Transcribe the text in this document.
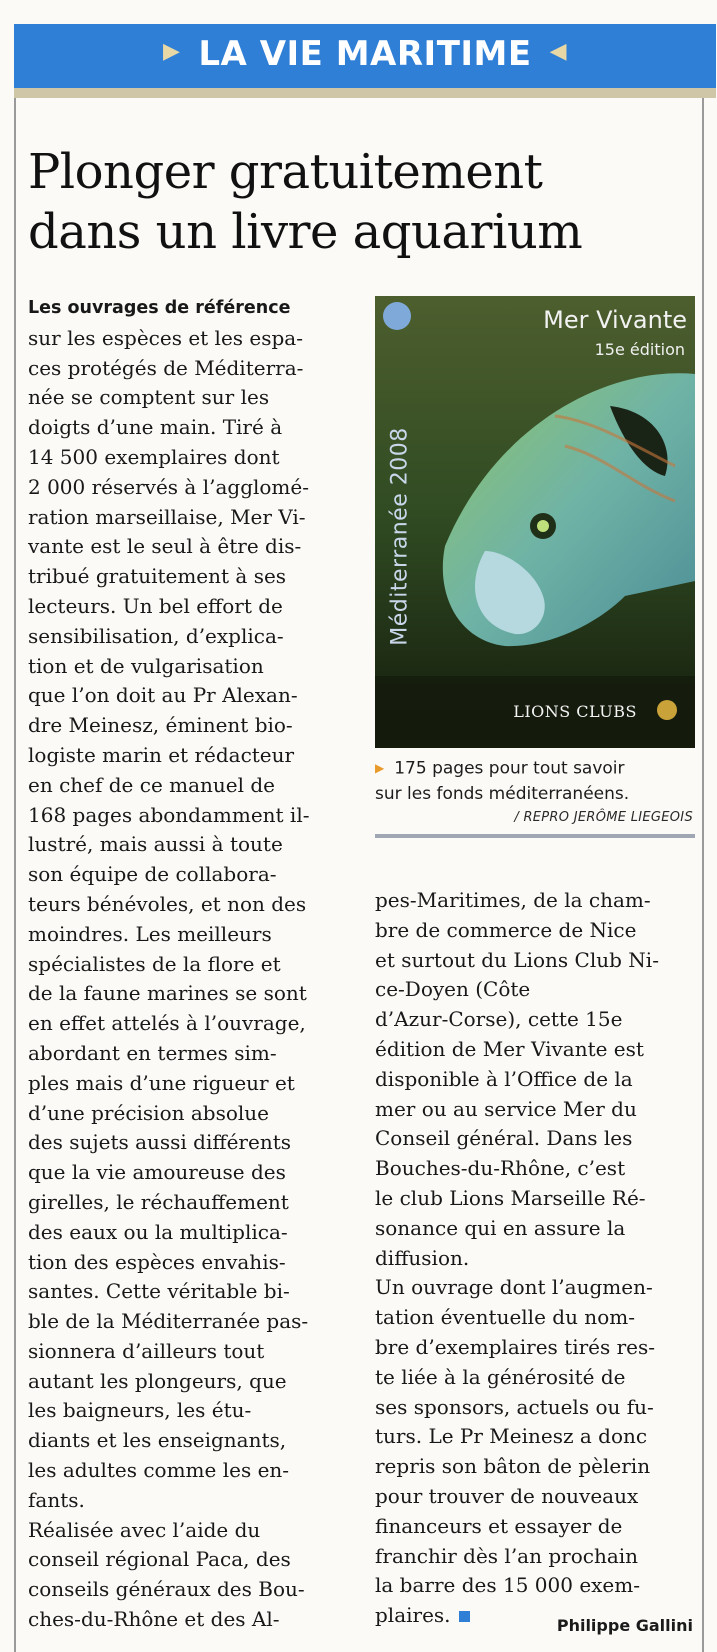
▶ LA VIE MARITIME ◀
Plonger gratuitement
dans un livre aquarium
Les ouvrages de référence
sur les espèces et les espa-
ces protégés de Méditerra-
née se comptent sur les
doigts d’une main. Tiré à
14 500 exemplaires dont
2 000 réservés à l’agglomé-
ration marseillaise, Mer Vi-
vante est le seul à être dis-
tribué gratuitement à ses
lecteurs. Un bel effort de
sensibilisation, d’explica-
tion et de vulgarisation
que l’on doit au Pr Alexan-
dre Meinesz, éminent bio-
logiste marin et rédacteur
en chef de ce manuel de
168 pages abondamment il-
lustré, mais aussi à toute
son équipe de collabora-
teurs bénévoles, et non des
moindres. Les meilleurs
spécialistes de la flore et
de la faune marines se sont
en effet attelés à l’ouvrage,
abordant en termes sim-
ples mais d’une rigueur et
d’une précision absolue
des sujets aussi différents
que la vie amoureuse des
girelles, le réchauffement
des eaux ou la multiplica-
tion des espèces envahis-
santes. Cette véritable bi-
ble de la Méditerranée pas-
sionnera d’ailleurs tout
autant les plongeurs, que
les baigneurs, les étu-
diants et les enseignants,
les adultes comme les en-
fants.
Réalisée avec l’aide du
conseil régional Paca, des
conseils généraux des Bou-
ches-du-Rhône et des Al-
Mer Vivante
15e édition
Méditerranée 2008
LIONS CLUBS
▶ 175 pages pour tout savoir
sur les fonds méditerranéens.
/ REPRO JERÔME LIEGEOIS
pes-Maritimes, de la cham-
bre de commerce de Nice
et surtout du Lions Club Ni-
ce-Doyen (Côte
d’Azur-Corse), cette 15e
édition de Mer Vivante est
disponible à l’Office de la
mer ou au service Mer du
Conseil général. Dans les
Bouches-du-Rhône, c’est
le club Lions Marseille Ré-
sonance qui en assure la
diffusion.
Un ouvrage dont l’augmen-
tation éventuelle du nom-
bre d’exemplaires tirés res-
te liée à la générosité de
ses sponsors, actuels ou fu-
turs. Le Pr Meinesz a donc
repris son bâton de pèlerin
pour trouver de nouveaux
financeurs et essayer de
franchir dès l’an prochain
la barre des 15 000 exem-
plaires.	Philippe Gallini
